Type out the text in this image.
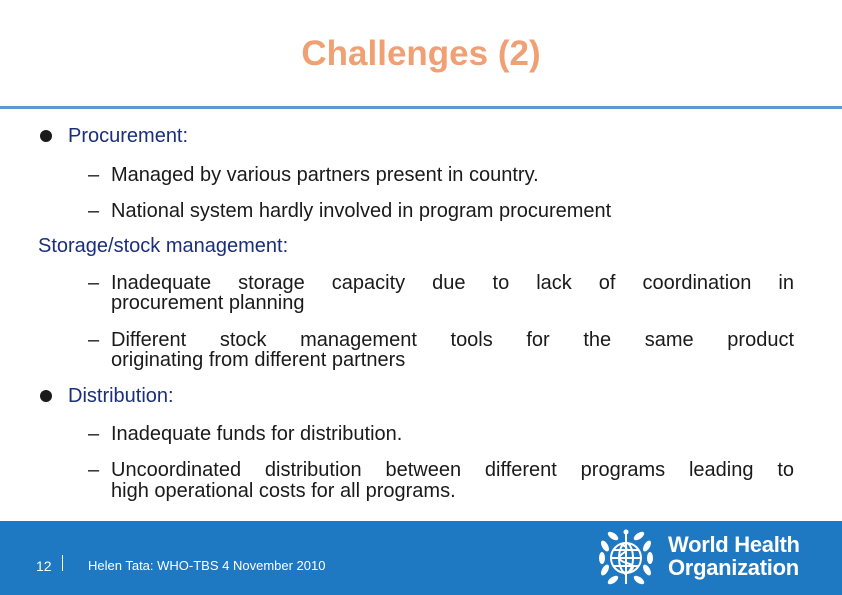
Challenges (2)
Procurement:
– Managed by various partners present in country.
– National system hardly involved in program procurement
Storage/stock management:
– Inadequate storage capacity due to lack of coordination in
procurement planning
– Different stock management tools for the same product
originating from different partners
Distribution:
– Inadequate funds for distribution.
– Uncoordinated distribution between different programs leading to
high operational costs for all programs.
12	Helen Tata: WHO-TBS 4 November 2010
World Health
Organization
